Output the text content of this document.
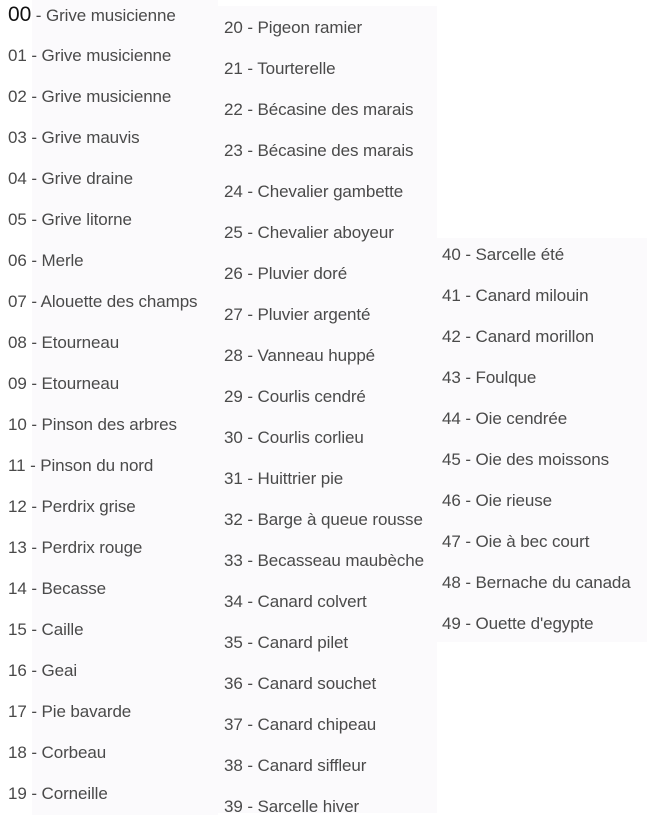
00 - Grive musicienne
01 - Grive musicienne
02 - Grive musicienne
03 - Grive mauvis
04 - Grive draine
05 - Grive litorne
06 - Merle
07 - Alouette des champs
08 - Etourneau
09 - Etourneau
10 - Pinson des arbres
11 - Pinson du nord
12 - Perdrix grise
13 - Perdrix rouge
14 - Becasse
15 - Caille
16 - Geai
17 - Pie bavarde
18 - Corbeau
19 - Corneille
20 - Pigeon ramier
21 - Tourterelle
22 - Bécasine des marais
23 - Bécasine des marais
24 - Chevalier gambette
25 - Chevalier aboyeur
26 - Pluvier doré
27 - Pluvier argenté
28 - Vanneau huppé
29 - Courlis cendré
30 - Courlis corlieu
31 - Huittrier pie
32 - Barge à queue rousse
33 - Becasseau maubèche
34 - Canard colvert
35 - Canard pilet
36 - Canard souchet
37 - Canard chipeau
38 - Canard siffleur
39 - Sarcelle hiver
40 - Sarcelle été
41 - Canard milouin
42 - Canard morillon
43 - Foulque
44 - Oie cendrée
45 - Oie des moissons
46 - Oie rieuse
47 - Oie à bec court
48 - Bernache du canada
49 - Ouette d'egypte
